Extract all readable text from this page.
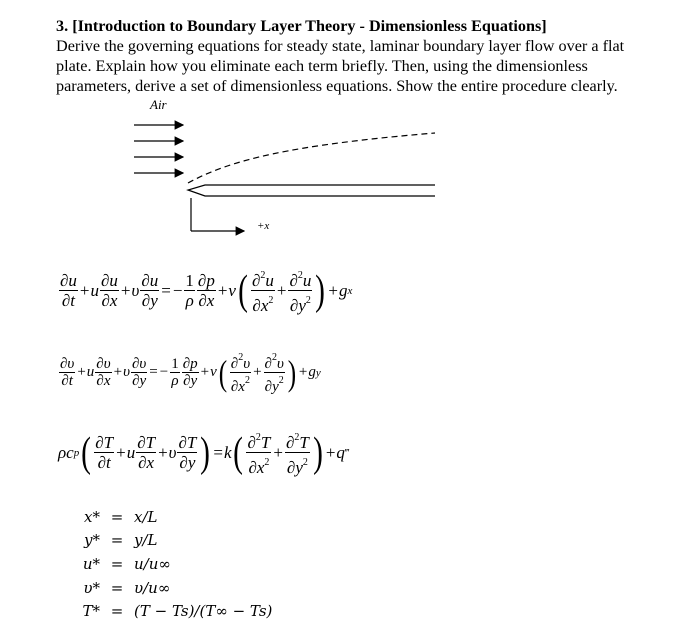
3. [Introduction to Boundary Layer Theory - Dimensionless Equations]
Derive the governing equations for steady state, laminar boundary layer flow over a flat plate. Explain how you eliminate each term briefly. Then, using the dimensionless parameters, derive a set of dimensionless equations. Show the entire procedure clearly.
Air
+x
$\frac{\partial u}{\partial t} + u \frac{\partial u}{\partial x} + \upsilon \frac{\partial u}{\partial y}$ = − $\frac{1}{\rho} \frac{\partial p}{\partial x} + \nu$ ( $\frac{\partial^2u}{\partial x^2} + \frac{\partial^2u}{\partial y^2}$ ) + g x
$\frac{\partial\upsilon}{\partial t} + u \frac{\partial\upsilon}{\partial x} + \upsilon \frac{\partial\upsilon}{\partial y}$ = − $\frac{1}{\rho} \frac{\partial p}{\partial y} + \nu$ ( $\frac{\partial^2\upsilon}{\partial x^2} + \frac{\partial^2\upsilon}{\partial y^2}$ ) + g y
ρc p ( $\frac{\partial T}{\partial t} + u \frac{\partial T}{\partial x} + \upsilon \frac{\partial T}{\partial y}$ ) = k ( $\frac{\partial^2T}{\partial x^2} + \frac{\partial^2T}{\partial y^2}$ ) + q ‴
x*	=	x/L
y*	=	y/L
u*	=	u/u∞
υ*	=	υ/u∞
T*	=	(T − Ts)/(T∞ − Ts)
